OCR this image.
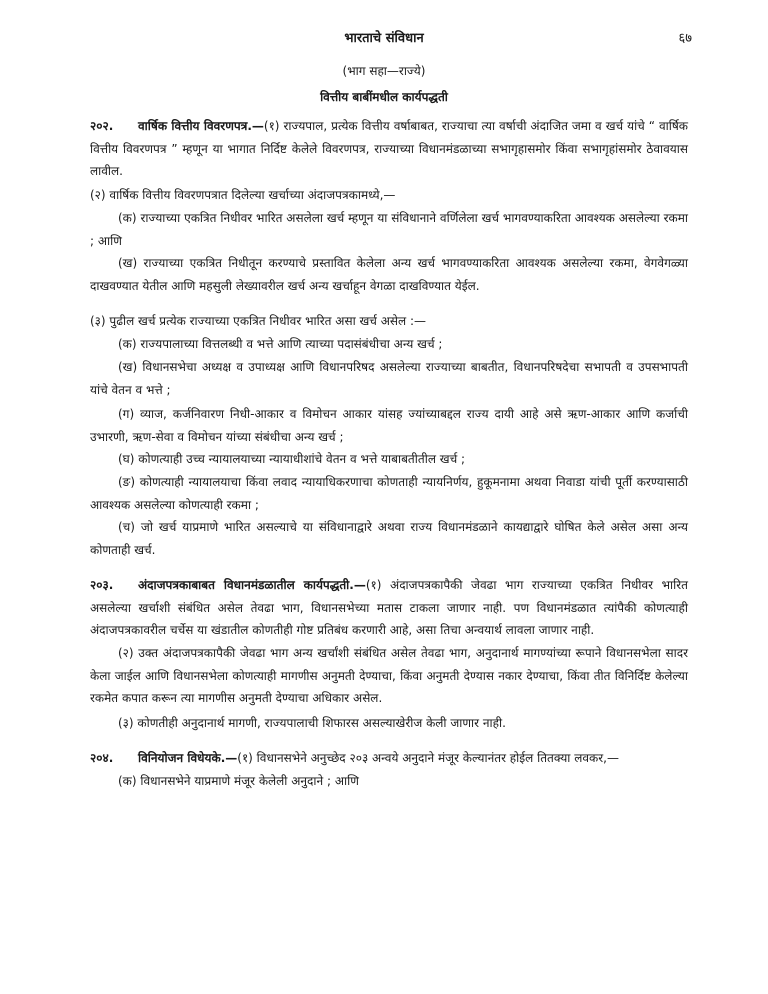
भारताचे संविधान	६७
(भाग सहा—राज्ये)
वित्तीय बाबींमधील कार्यपद्धती
२०२. वार्षिक वित्तीय विवरणपत्र.—(१) राज्यपाल, प्रत्येक वित्तीय वर्षाबाबत, राज्याचा त्या वर्षाची अंदाजित जमा व खर्च यांचे “ वार्षिक वित्तीय विवरणपत्र ” म्हणून या भागात निर्दिष्ट केलेले विवरणपत्र, राज्याच्या विधानमंडळाच्या सभागृहासमोर किंवा सभागृहांसमोर ठेवावयास लावील.
(२) वार्षिक वित्तीय विवरणपत्रात दिलेल्या खर्चाच्या अंदाजपत्रकामध्ये,—
(क) राज्याच्या एकत्रित निधीवर भारित असलेला खर्च म्हणून या संविधानाने वर्णिलेला खर्च भागवण्याकरिता आवश्यक असलेल्या रकमा ; आणि
(ख) राज्याच्या एकत्रित निधीतून करण्याचे प्रस्तावित केलेला अन्य खर्च भागवण्याकरिता आवश्यक असलेल्या रकमा, वेगवेगळ्या दाखवण्यात येतील आणि महसुली लेख्यावरील खर्च अन्य खर्चाहून वेगळा दाखविण्यात येईल.
(३) पुढील खर्च प्रत्येक राज्याच्या एकत्रित निधीवर भारित असा खर्च असेल :—
(क) राज्यपालाच्या वित्तलब्धी व भत्ते आणि त्याच्या पदासंबंधीचा अन्य खर्च ;
(ख) विधानसभेचा अध्यक्ष व उपाध्यक्ष आणि विधानपरिषद असलेल्या राज्याच्या बाबतीत, विधानपरिषदेचा सभापती व उपसभापती यांचे वेतन व भत्ते ;
(ग) व्याज, कर्जनिवारण निधी-आकार व विमोचन आकार यांसह ज्यांच्याबद्दल राज्य दायी आहे असे ऋण-आकार आणि कर्जाची उभारणी, ऋण-सेवा व विमोचन यांच्या संबंधीचा अन्य खर्च ;
(घ) कोणत्याही उच्च न्यायालयाच्या न्यायाधीशांचे वेतन व भत्ते याबाबतीतील खर्च ;
(ङ) कोणत्याही न्यायालयाचा किंवा लवाद न्यायाधिकरणाचा कोणताही न्यायनिर्णय, हुकूमनामा अथवा निवाडा यांची पूर्ती करण्यासाठी आवश्यक असलेल्या कोणत्याही रकमा ;
(च) जो खर्च याप्रमाणे भारित असल्याचे या संविधानाद्वारे अथवा राज्य विधानमंडळाने कायद्याद्वारे घोषित केले असेल असा अन्य कोणताही खर्च.
२०३. अंदाजपत्रकाबाबत विधानमंडळातील कार्यपद्धती.—(१) अंदाजपत्रकापैकी जेवढा भाग राज्याच्या एकत्रित निधीवर भारित असलेल्या खर्चाशी संबंधित असेल तेवढा भाग, विधानसभेच्या मतास टाकला जाणार नाही. पण विधानमंडळात त्यांपैकी कोणत्याही अंदाजपत्रकावरील चर्चेस या खंडातील कोणतीही गोष्ट प्रतिबंध करणारी आहे, असा तिचा अन्वयार्थ लावला जाणार नाही.
(२) उक्त अंदाजपत्रकापैकी जेवढा भाग अन्य खर्चांशी संबंधित असेल तेवढा भाग, अनुदानार्थ मागण्यांच्या रूपाने विधानसभेला सादर केला जाईल आणि विधानसभेला कोणत्याही मागणीस अनुमती देण्याचा, किंवा अनुमती देण्यास नकार देण्याचा, किंवा तीत विनिर्दिष्ट केलेल्या रकमेत कपात करून त्या मागणीस अनुमती देण्याचा अधिकार असेल.
(३) कोणतीही अनुदानार्थ मागणी, राज्यपालाची शिफारस असल्याखेरीज केली जाणार नाही.
२०४. विनियोजन विधेयके.—(१) विधानसभेने अनुच्छेद २०३ अन्वये अनुदाने मंजूर केल्यानंतर होईल तितक्या लवकर,—
(क) विधानसभेने याप्रमाणे मंजूर केलेली अनुदाने ; आणि
